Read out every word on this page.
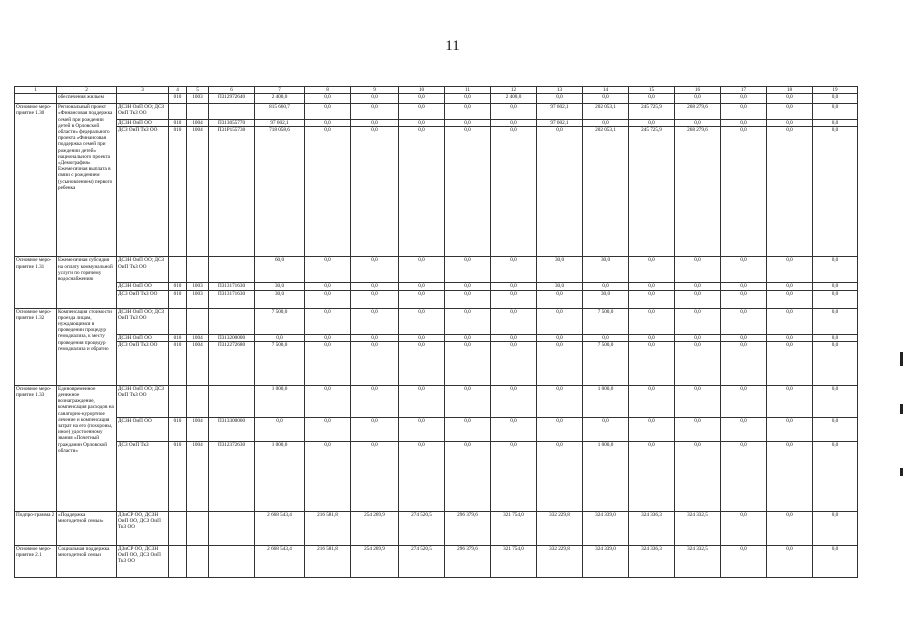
11
1	2	3	4	5	6	7	8	9	10	11	12	13	14	15	16	17	18	19
	обеспечения жильем		010	1003	П312972640	2 400,0	0,0	0,0	0,0	0,0	2 400,0	0,0	0,0	0,0	0,0	0,0	0,0	0,0
Основное меро-приятие 1.30	Региональный проект «Финансовая поддержка семей при рождении детей в Орловской области» федерального проекта «Финансовая поддержка семей при рождении детей» национального проекта «Демография» Ежемесячная выплата в связи с рождением (усыновлением) первого ребенка	ДСЗН ОиП ОО; ДСЗ ОиП ТкЗ ОО				815 660,7	0,0	0,0	0,0	0,0	0,0	97 602,1	202 053,1	245 725,9	268 279,6	0,0	0,0	0,0
		ДСЗН ОиП ОО	010	1004	П313055770	97 602,1	0,0	0,0	0,0	0,0	0,0	97 602,1	0,0	0,0	0,0	0,0	0,0	0,0
		ДСЗ ОиП ТкЗ ОО	010	1004	П31P155730	718 058,6	0,0	0,0	0,0	0,0	0,0	0,0	202 053,1	245 725,9	268 279,6	0,0	0,0	0,0
Основное меро-приятие 1.31	Ежемесячная субсидия на оплату коммунальной услуги по горячему водоснабжению	ДСЗН ОиП ОО; ДСЗ ОиП ТкЗ ОО				60,0	0,0	0,0	0,0	0,0	0,0	30,0	30,0	0,0	0,0	0,0	0,0	0,0
		ДСЗН ОиП ОО	010	1003	П313171630	30,0	0,0	0,0	0,0	0,0	0,0	30,0	0,0	0,0	0,0	0,0	0,0	0,0
		ДСЗ ОиП ТкЗ ОО	010	1003	П313171630	30,0	0,0	0,0	0,0	0,0	0,0	0,0	30,0	0,0	0,0	0,0	0,0	0,0
Основное меро-приятие 1.32	Компенсация стоимости проезда лицам, нуждающимся в проведении процедур гемодиализа, к месту проведения процедур гемодиализа и обратно	ДСЗН ОиП ОО; ДСЗ ОиП ТкЗ ОО				7 500,0	0,0	0,0	0,0	0,0	0,0	0,0	7 500,0	0,0	0,0	0,0	0,0	0,0
		ДСЗН ОиП ОО	010	1004	П313200000	0,0	0,0	0,0	0,0	0,0	0,0	0,0	0,0	0,0	0,0	0,0	0,0	0,0
		ДСЗ ОиП ТкЗ ОО	010	1004	П312272680	7 500,0	0,0	0,0	0,0	0,0	0,0	0,0	7 500,0	0,0	0,0	0,0	0,0	0,0
Основное меро-приятие 1.33	Единовременное денежное вознаграждение, компенсация расходов на санаторно-курортное лечение и компенсация затрат на его (похороны, иное) удостоенному звания «Почетный гражданин Орловской области»	ДСЗН ОиП ОО; ДСЗ ОиП ТкЗ ОО				1 000,0	0,0	0,0	0,0	0,0	0,0	0,0	1 000,0	0,0	0,0	0,0	0,0	0,0
		ДСЗН ОиП ОО	010	1004	П313300000	0,0	0,0	0,0	0,0	0,0	0,0	0,0	0,0	0,0	0,0	0,0	0,0	0,0
		ДСЗ ОиП ТкЗ	010	1004	П312372630	1 000,0	0,0	0,0	0,0	0,0	0,0	0,0	1 000,0	0,0	0,0	0,0	0,0	0,0
Подпро-грамма 2	«Поддержка многодетной семьи»	ДЗиСР ОО, ДСЗН ОиП ОО, ДСЗ ОиП ТкЗ ОО				2 668 543,4	216 581,8	254 269,9	274 520,5	296 379,6	321 754,0	332 229,8	324 339,0	324 336,3	324 332,5	0,0	0,0	0,0
Основное меро-приятие 2.1	Социальная поддержка многодетной семьи	ДЗиСР ОО, ДСЗН ОиП ОО, ДСЗ ОиП ТкЗ ОО				2 668 543,4	216 581,8	254 269,9	274 520,5	296 379,6	321 754,0	332 229,8	324 339,0	324 336,3	324 332,5	0,0	0,0	0,0
